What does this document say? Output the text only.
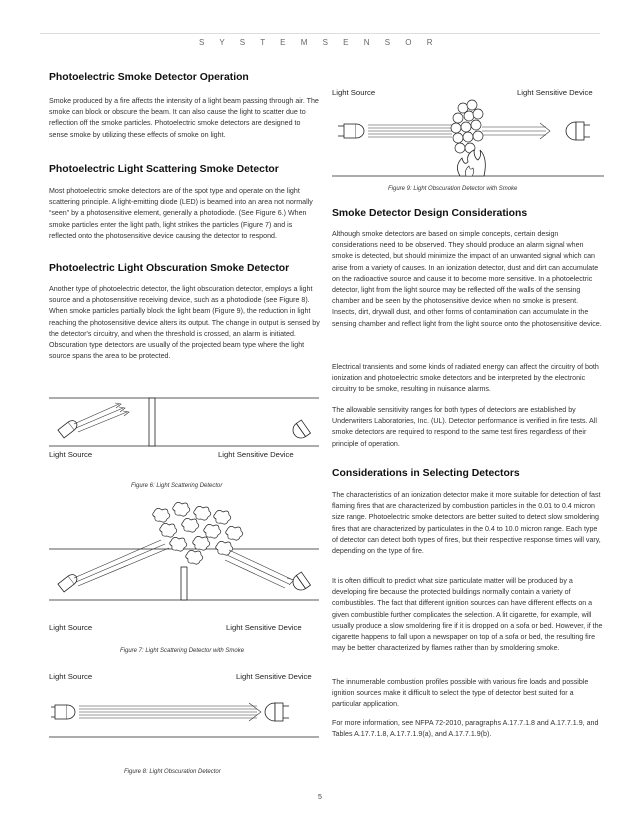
S Y S T E M S E N S O R
Photoelectric Smoke Detector Operation

Smoke produced by a fire affects the intensity of a light beam passing through air. The smoke can block or obscure the beam. It can also cause the light to scatter due to reflection off the smoke particles. Photoelectric smoke detectors are designed to sense smoke by utilizing these effects of smoke on light.

Photoelectric Light Scattering Smoke Detector

Most photoelectric smoke detectors are of the spot type and operate on the light scattering principle. A light-emitting diode (LED) is beamed into an area not normally “seen” by a photosensitive element, generally a photodiode. (See Figure 6.) When smoke particles enter the light path, light strikes the particles (Figure 7) and is reflected onto the photosensitive device causing the detector to respond.

Photoelectric Light Obscuration Smoke Detector

Another type of photoelectric detector, the light obscuration detector, employs a light source and a photosensitive receiving device, such as a photodiode (see Figure 8). When smoke particles partially block the light beam (Figure 9), the reduction in light reaching the photosensitive device alters its output. The change in output is sensed by the detector's circuitry, and when the threshold is crossed, an alarm is initiated. Obscuration type detectors are usually of the projected beam type where the light source spans the area to be protected.

Light Source	Light Sensitive Device
Figure 6: Light Scattering Detector
Light Source	Light Sensitive Device
Figure 7: Light Scattering Detector with Smoke
Light Source	Light Sensitive Device
Figure 8: Light Obscuration Detector
Light Source	Light Sensitive Device
Figure 9: Light Obscuration Detector with Smoke
Smoke Detector Design Considerations

Although smoke detectors are based on simple concepts, certain design considerations need to be observed. They should produce an alarm signal when smoke is detected, but should minimize the impact of an unwanted signal which can arise from a variety of causes. In an ionization detector, dust and dirt can accumulate on the radioactive source and cause it to become more sensitive. In a photoelectric detector, light from the light source may be reflected off the walls of the sensing chamber and be seen by the photosensitive device when no smoke is present. Insects, dirt, drywall dust, and other forms of contamination can accumulate in the sensing chamber and reflect light from the light source onto the photosensitive device.

Electrical transients and some kinds of radiated energy can affect the circuitry of both ionization and photoelectric smoke detectors and be interpreted by the electronic circuitry to be smoke, resulting in nuisance alarms.

The allowable sensitivity ranges for both types of detectors are established by Underwriters Laboratories, Inc. (UL). Detector performance is verified in fire tests. All smoke detectors are required to respond to the same test fires regardless of their principle of operation.

Considerations in Selecting Detectors

The characteristics of an ionization detector make it more suitable for detection of fast flaming fires that are characterized by combustion particles in the 0.01 to 0.4 micron size range. Photoelectric smoke detectors are better suited to detect slow smoldering fires that are characterized by particulates in the 0.4 to 10.0 micron range. Each type of detector can detect both types of fires, but their respective response times will vary, depending on the type of fire.

It is often difficult to predict what size particulate matter will be produced by a developing fire because the protected buildings normally contain a variety of combustibles. The fact that different ignition sources can have different effects on a given combustible further complicates the selection. A lit cigarette, for example, will usually produce a slow smoldering fire if it is dropped on a sofa or bed. However, if the cigarette happens to fall upon a newspaper on top of a sofa or bed, the resulting fire may be better characterized by flames rather than by smoldering smoke.

The innumerable combustion profiles possible with various fire loads and possible ignition sources make it difficult to select the type of detector best suited for a particular application.

For more information, see NFPA 72-2010, paragraphs A.17.7.1.8 and A.17.7.1.9, and Tables A.17.7.1.8, A.17.7.1.9(a), and A.17.7.1.9(b).

5
